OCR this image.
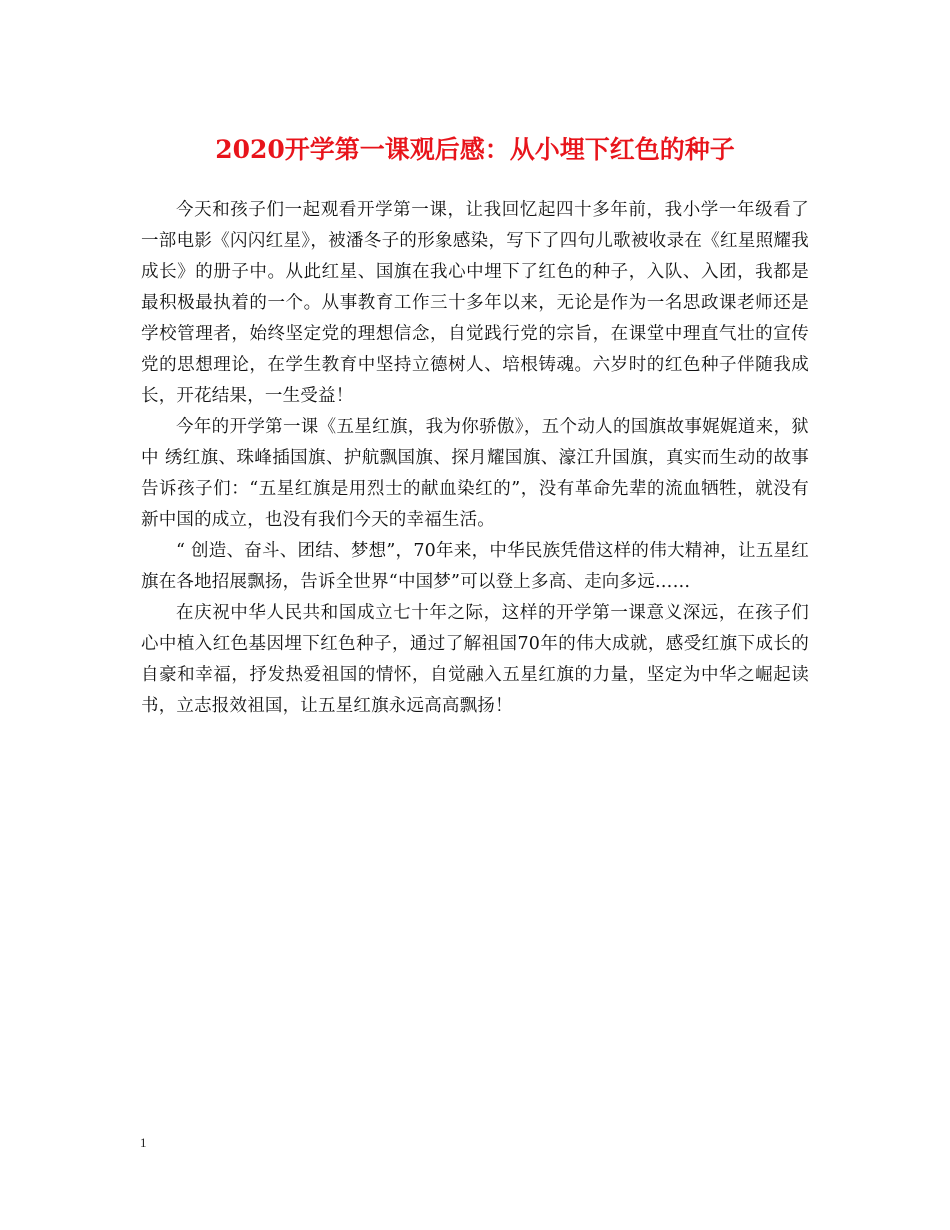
2020开学第一课观后感：从小埋下红色的种子

今天和孩子们一起观看开学第一课，让我回忆起四十多年前，我小学一年级看了一部电影《闪闪红星》，被潘冬子的形象感染，写下了四句儿歌被收录在《红星照耀我成长》的册子中。从此红星、国旗在我心中埋下了红色的种子，入队、入团，我都是最积极最执着的一个。从事教育工作三十多年以来，无论是作为一名思政课老师还是学校管理者，始终坚定党的理想信念，自觉践行党的宗旨，在课堂中理直气壮的宣传党的思想理论，在学生教育中坚持立德树人、培根铸魂。六岁时的红色种子伴随我成长，开花结果，一生受益！

今年的开学第一课《五星红旗，我为你骄傲》，五个动人的国旗故事娓娓道来，狱中 绣红旗、珠峰插国旗、护航飘国旗、探月耀国旗、濠江升国旗，真实而生动的故事告诉孩子们：“五星红旗是用烈士的献血染红的”，没有革命先辈的流血牺牲，就没有新中国的成立，也没有我们今天的幸福生活。

“ 创造、奋斗、团结、梦想”，70年来，中华民族凭借这样的伟大精神，让五星红旗在各地招展飘扬，告诉全世界“中国梦”可以登上多高、走向多远……

在庆祝中华人民共和国成立七十年之际，这样的开学第一课意义深远，在孩子们心中植入红色基因埋下红色种子，通过了解祖国70年的伟大成就，感受红旗下成长的自豪和幸福，抒发热爱祖国的情怀，自觉融入五星红旗的力量，坚定为中华之崛起读书，立志报效祖国，让五星红旗永远高高飘扬！

1
